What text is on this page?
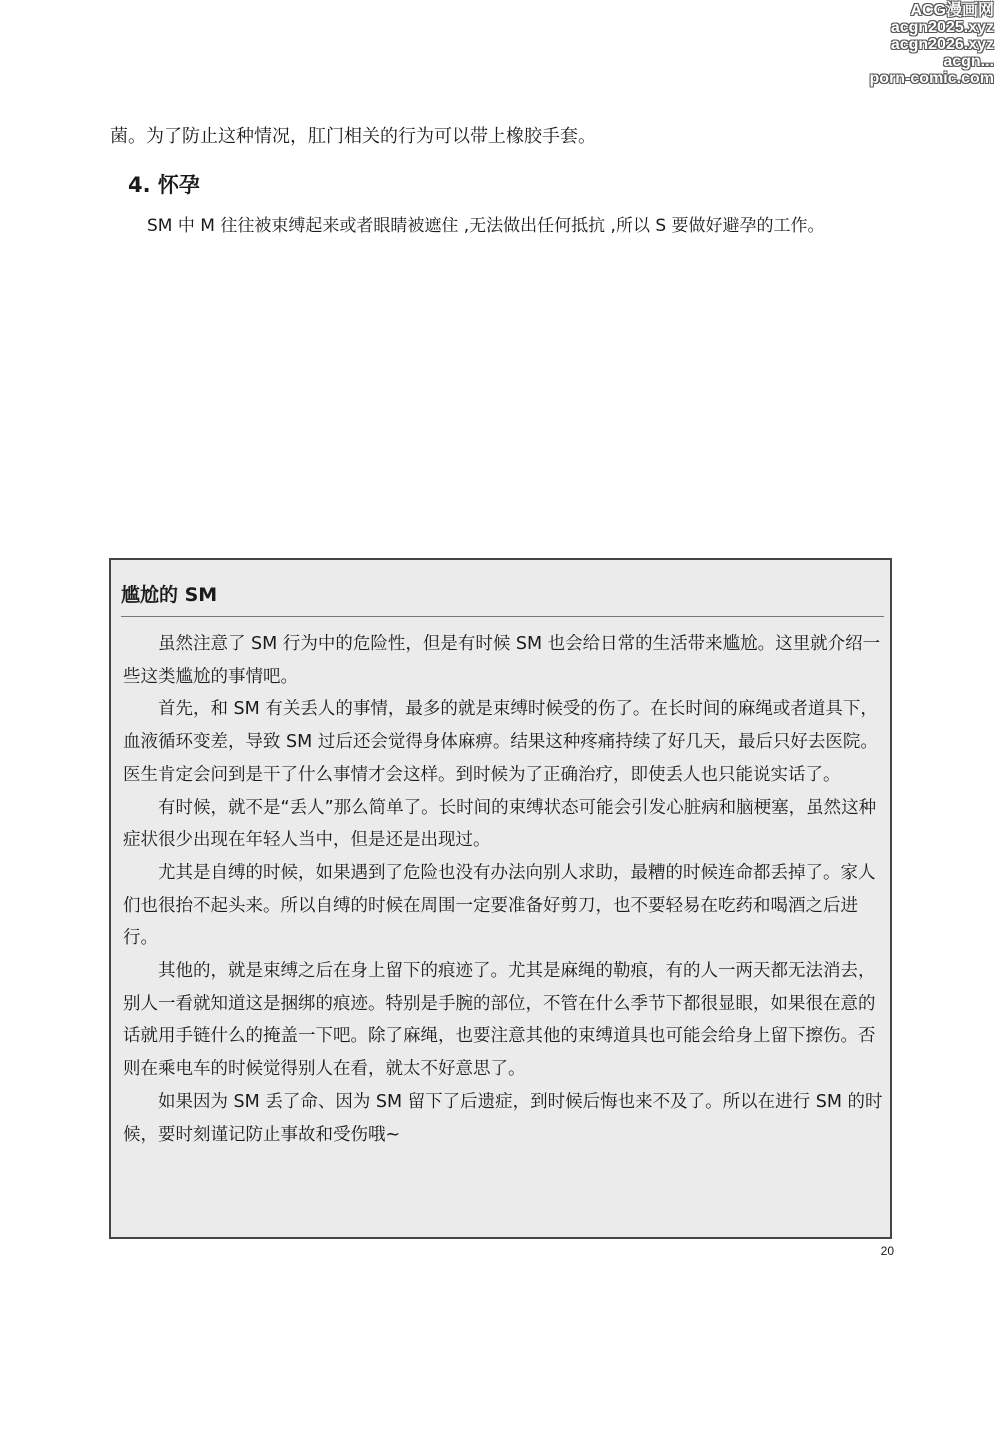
ACG漫画网
acgn2025.xyz
acgn2026.xyz
acgn...
porn-comic.com
菌。为了防止这种情况，肛门相关的行为可以带上橡胶手套。
4. 怀孕
SM 中 M 往往被束缚起来或者眼睛被遮住 ,无法做出任何抵抗 ,所以 S 要做好避孕的工作。
尴尬的 SM

虽然注意了 SM 行为中的危险性，但是有时候 SM 也会给日常的生活带来尴尬。这里就介绍一些这类尴尬的事情吧。

首先，和 SM 有关丢人的事情，最多的就是束缚时候受的伤了。在长时间的麻绳或者道具下，血液循环变差，导致 SM 过后还会觉得身体麻痹。结果这种疼痛持续了好几天，最后只好去医院。医生肯定会问到是干了什么事情才会这样。到时候为了正确治疗，即使丢人也只能说实话了。

有时候，就不是“丢人”那么简单了。长时间的束缚状态可能会引发心脏病和脑梗塞，虽然这种症状很少出现在年轻人当中，但是还是出现过。

尤其是自缚的时候，如果遇到了危险也没有办法向别人求助，最糟的时候连命都丢掉了。家人们也很抬不起头来。所以自缚的时候在周围一定要准备好剪刀，也不要轻易在吃药和喝酒之后进行。

其他的，就是束缚之后在身上留下的痕迹了。尤其是麻绳的勒痕，有的人一两天都无法消去，别人一看就知道这是捆绑的痕迹。特别是手腕的部位，不管在什么季节下都很显眼，如果很在意的话就用手链什么的掩盖一下吧。除了麻绳，也要注意其他的束缚道具也可能会给身上留下擦伤。否则在乘电车的时候觉得别人在看，就太不好意思了。

如果因为 SM 丢了命、因为 SM 留下了后遗症，到时候后悔也来不及了。所以在进行 SM 的时候，要时刻谨记防止事故和受伤哦~

20
